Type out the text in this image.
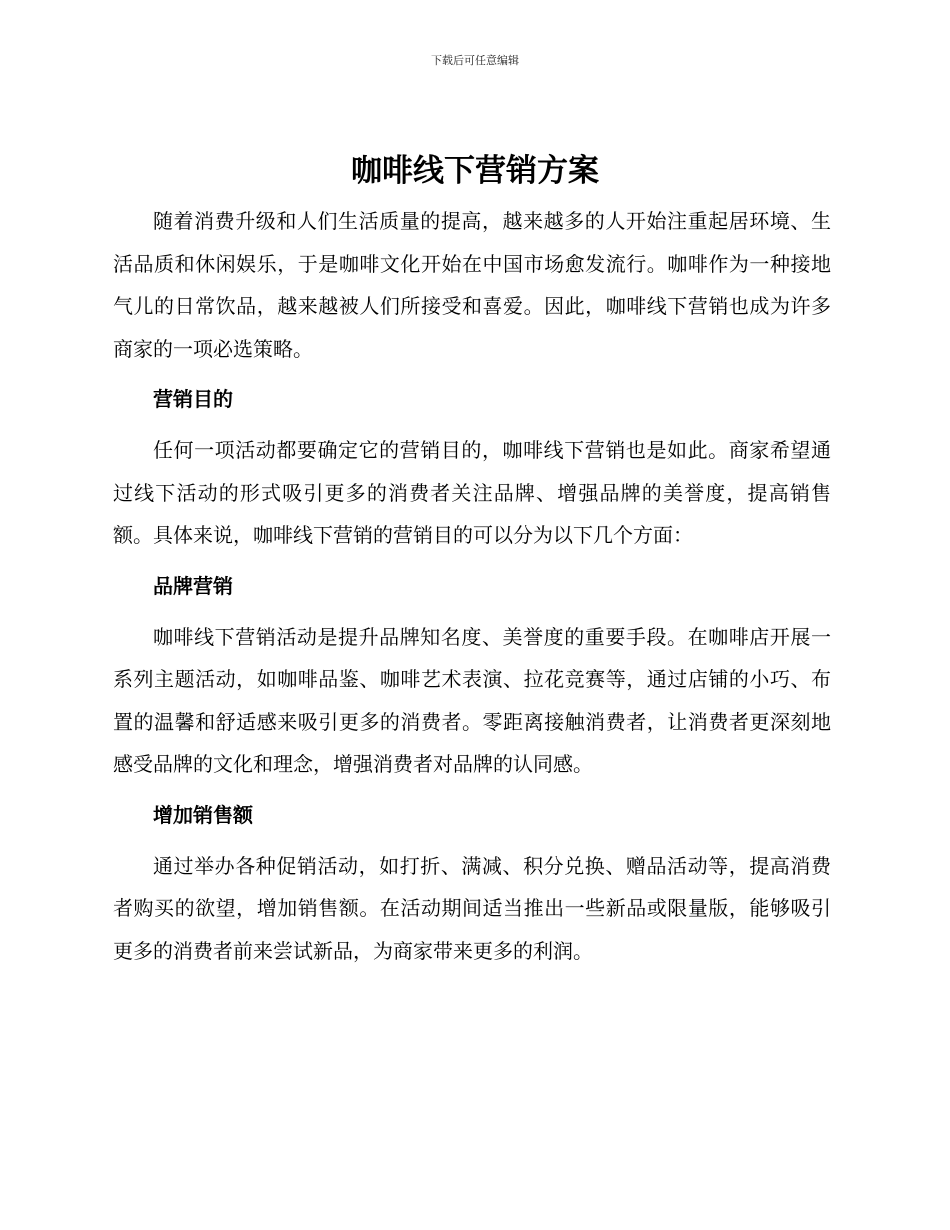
下载后可任意编辑
咖啡线下营销方案

随着消费升级和人们生活质量的提高，越来越多的人开始注重起居环境、生活品质和休闲娱乐，于是咖啡文化开始在中国市场愈发流行。咖啡作为一种接地气儿的日常饮品，越来越被人们所接受和喜爱。因此，咖啡线下营销也成为许多商家的一项必选策略。

营销目的

任何一项活动都要确定它的营销目的，咖啡线下营销也是如此。商家希望通过线下活动的形式吸引更多的消费者关注品牌、增强品牌的美誉度，提高销售额。具体来说，咖啡线下营销的营销目的可以分为以下几个方面：

品牌营销

咖啡线下营销活动是提升品牌知名度、美誉度的重要手段。在咖啡店开展一系列主题活动，如咖啡品鉴、咖啡艺术表演、拉花竞赛等，通过店铺的小巧、布置的温馨和舒适感来吸引更多的消费者。零距离接触消费者，让消费者更深刻地感受品牌的文化和理念，增强消费者对品牌的认同感。

增加销售额

通过举办各种促销活动，如打折、满减、积分兑换、赠品活动等，提高消费者购买的欲望，增加销售额。在活动期间适当推出一些新品或限量版，能够吸引更多的消费者前来尝试新品，为商家带来更多的利润。
